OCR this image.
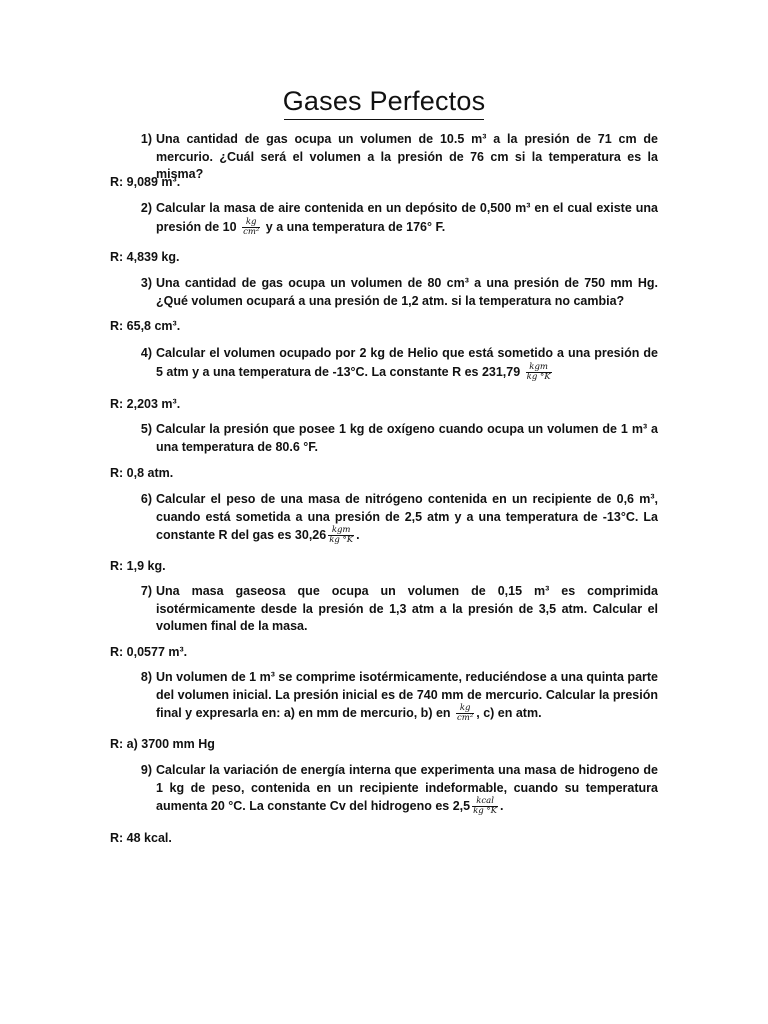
Gases Perfectos
1) Una cantidad de gas ocupa un volumen de 10.5 m³ a la presión de 71 cm de mercurio. ¿Cuál será el volumen a la presión de 76 cm si la temperatura es la misma?
R: 9,089 m³.
2) Calcular la masa de aire contenida en un depósito de 0,500 m³ en el cual existe una presión de $10 \frac{kg}{\text{cm²}}$ y a una temperatura de 176° F.
R: 4,839 kg.
3) Una cantidad de gas ocupa un volumen de 80 cm³ a una presión de 750 mm Hg. ¿Qué volumen ocupará a una presión de 1,2 atm. si la temperatura no cambia?
R: 65,8 cm³.
4) Calcular el volumen ocupado por 2 kg de Helio que está sometido a una presión de 5 atm y a una temperatura de -13°C. La constante R es $231,79 \frac{\text{kgm}}{kg ^\circ K}$
R: 2,203 m³.
5) Calcular la presión que posee 1 kg de oxígeno cuando ocupa un volumen de 1 m³ a una temperatura de 80.6 °F.
R: 0,8 atm.
6) Calcular el peso de una masa de nitrógeno contenida en un recipiente de 0,6 m³, cuando está sometida a una presión de 2,5 atm y a una temperatura de -13°C. La constante R del gas es $30,26 \frac{\text{kgm}}{kg ^\circ K}$ .
R: 1,9 kg.
7) Una masa gaseosa que ocupa un volumen de 0,15 m³ es comprimida isotérmicamente desde la presión de 1,3 atm a la presión de 3,5 atm. Calcular el volumen final de la masa.
R: 0,0577 m³.
8) Un volumen de 1 m³ se comprime isotérmicamente, reduciéndose a una quinta parte del volumen inicial. La presión inicial es de 740 mm de mercurio. Calcular la presión final y expresarla en: a) en mm de mercurio, b) en $\frac{kg}{\text{cm²}}$ , c) en atm.
R: a) 3700 mm Hg
9) Calcular la variación de energía interna que experimenta una masa de hidrogeno de 1 kg de peso, contenida en un recipiente indeformable, cuando su temperatura aumenta 20 °C. La constante Cv del hidrogeno es $2,5 \frac{\text{kcal}}{kg ^\circ K}$ .
R: 48 kcal.
